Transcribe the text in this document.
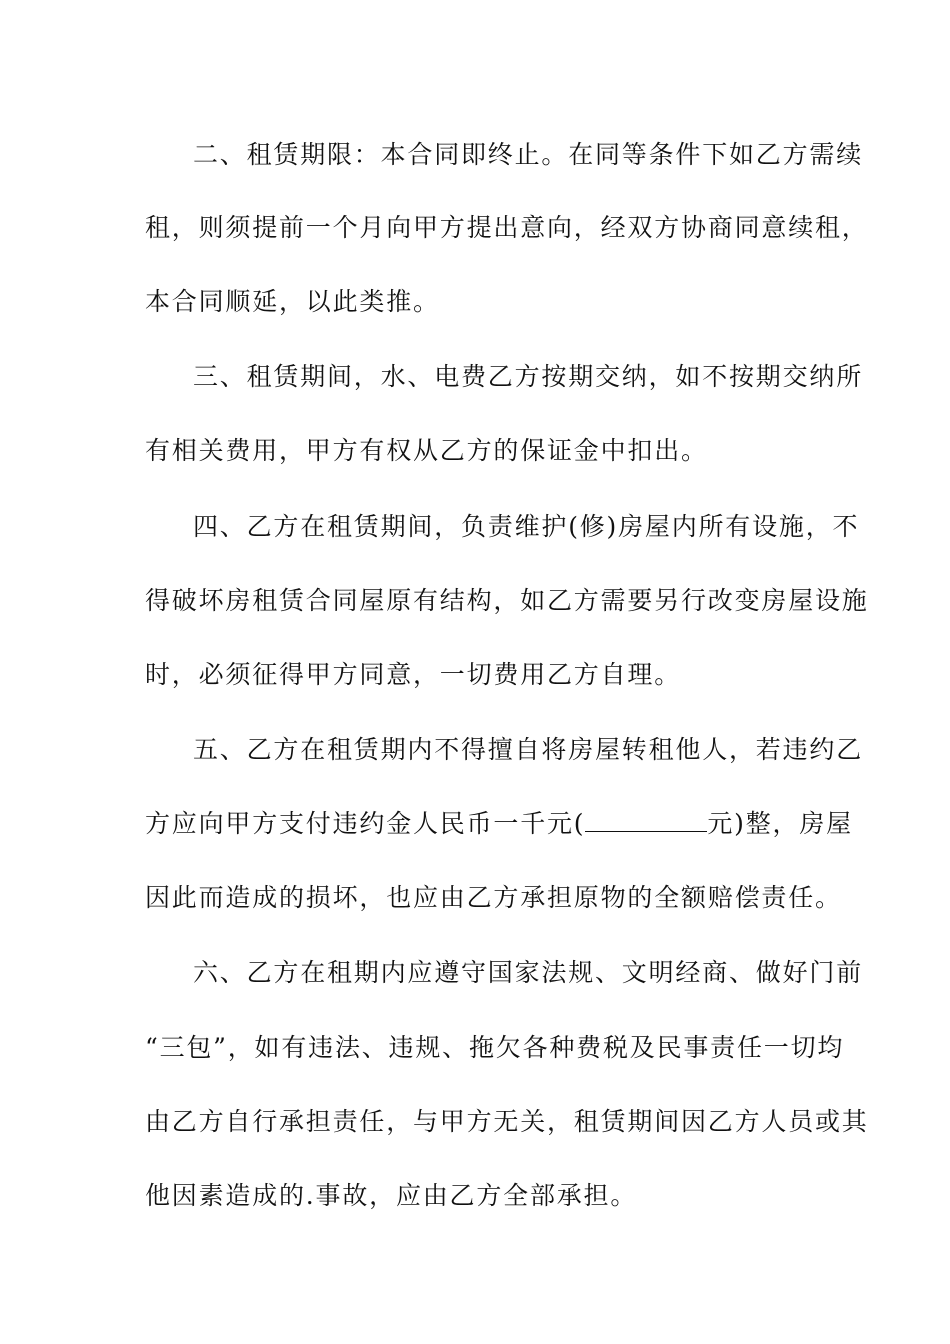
二、租赁期限：本合同即终止。在同等条件下如乙方需续
租，则须提前一个月向甲方提出意向，经双方协商同意续租，
本合同顺延，以此类推。
三、租赁期间，水、电费乙方按期交纳，如不按期交纳所
有相关费用，甲方有权从乙方的保证金中扣出。
四、乙方在租赁期间，负责维护(修)房屋内所有设施，不
得破坏房租赁合同屋原有结构，如乙方需要另行改变房屋设施
时，必须征得甲方同意，一切费用乙方自理。
五、乙方在租赁期内不得擅自将房屋转租他人，若违约乙
方应向甲方支付违约金人民币一千元(	元)整，房屋
因此而造成的损坏，也应由乙方承担原物的全额赔偿责任。
六、乙方在租期内应遵守国家法规、文明经商、做好门前
“三包”，如有违法、违规、拖欠各种费税及民事责任一切均
由乙方自行承担责任，与甲方无关，租赁期间因乙方人员或其
他因素造成的.事故，应由乙方全部承担。
